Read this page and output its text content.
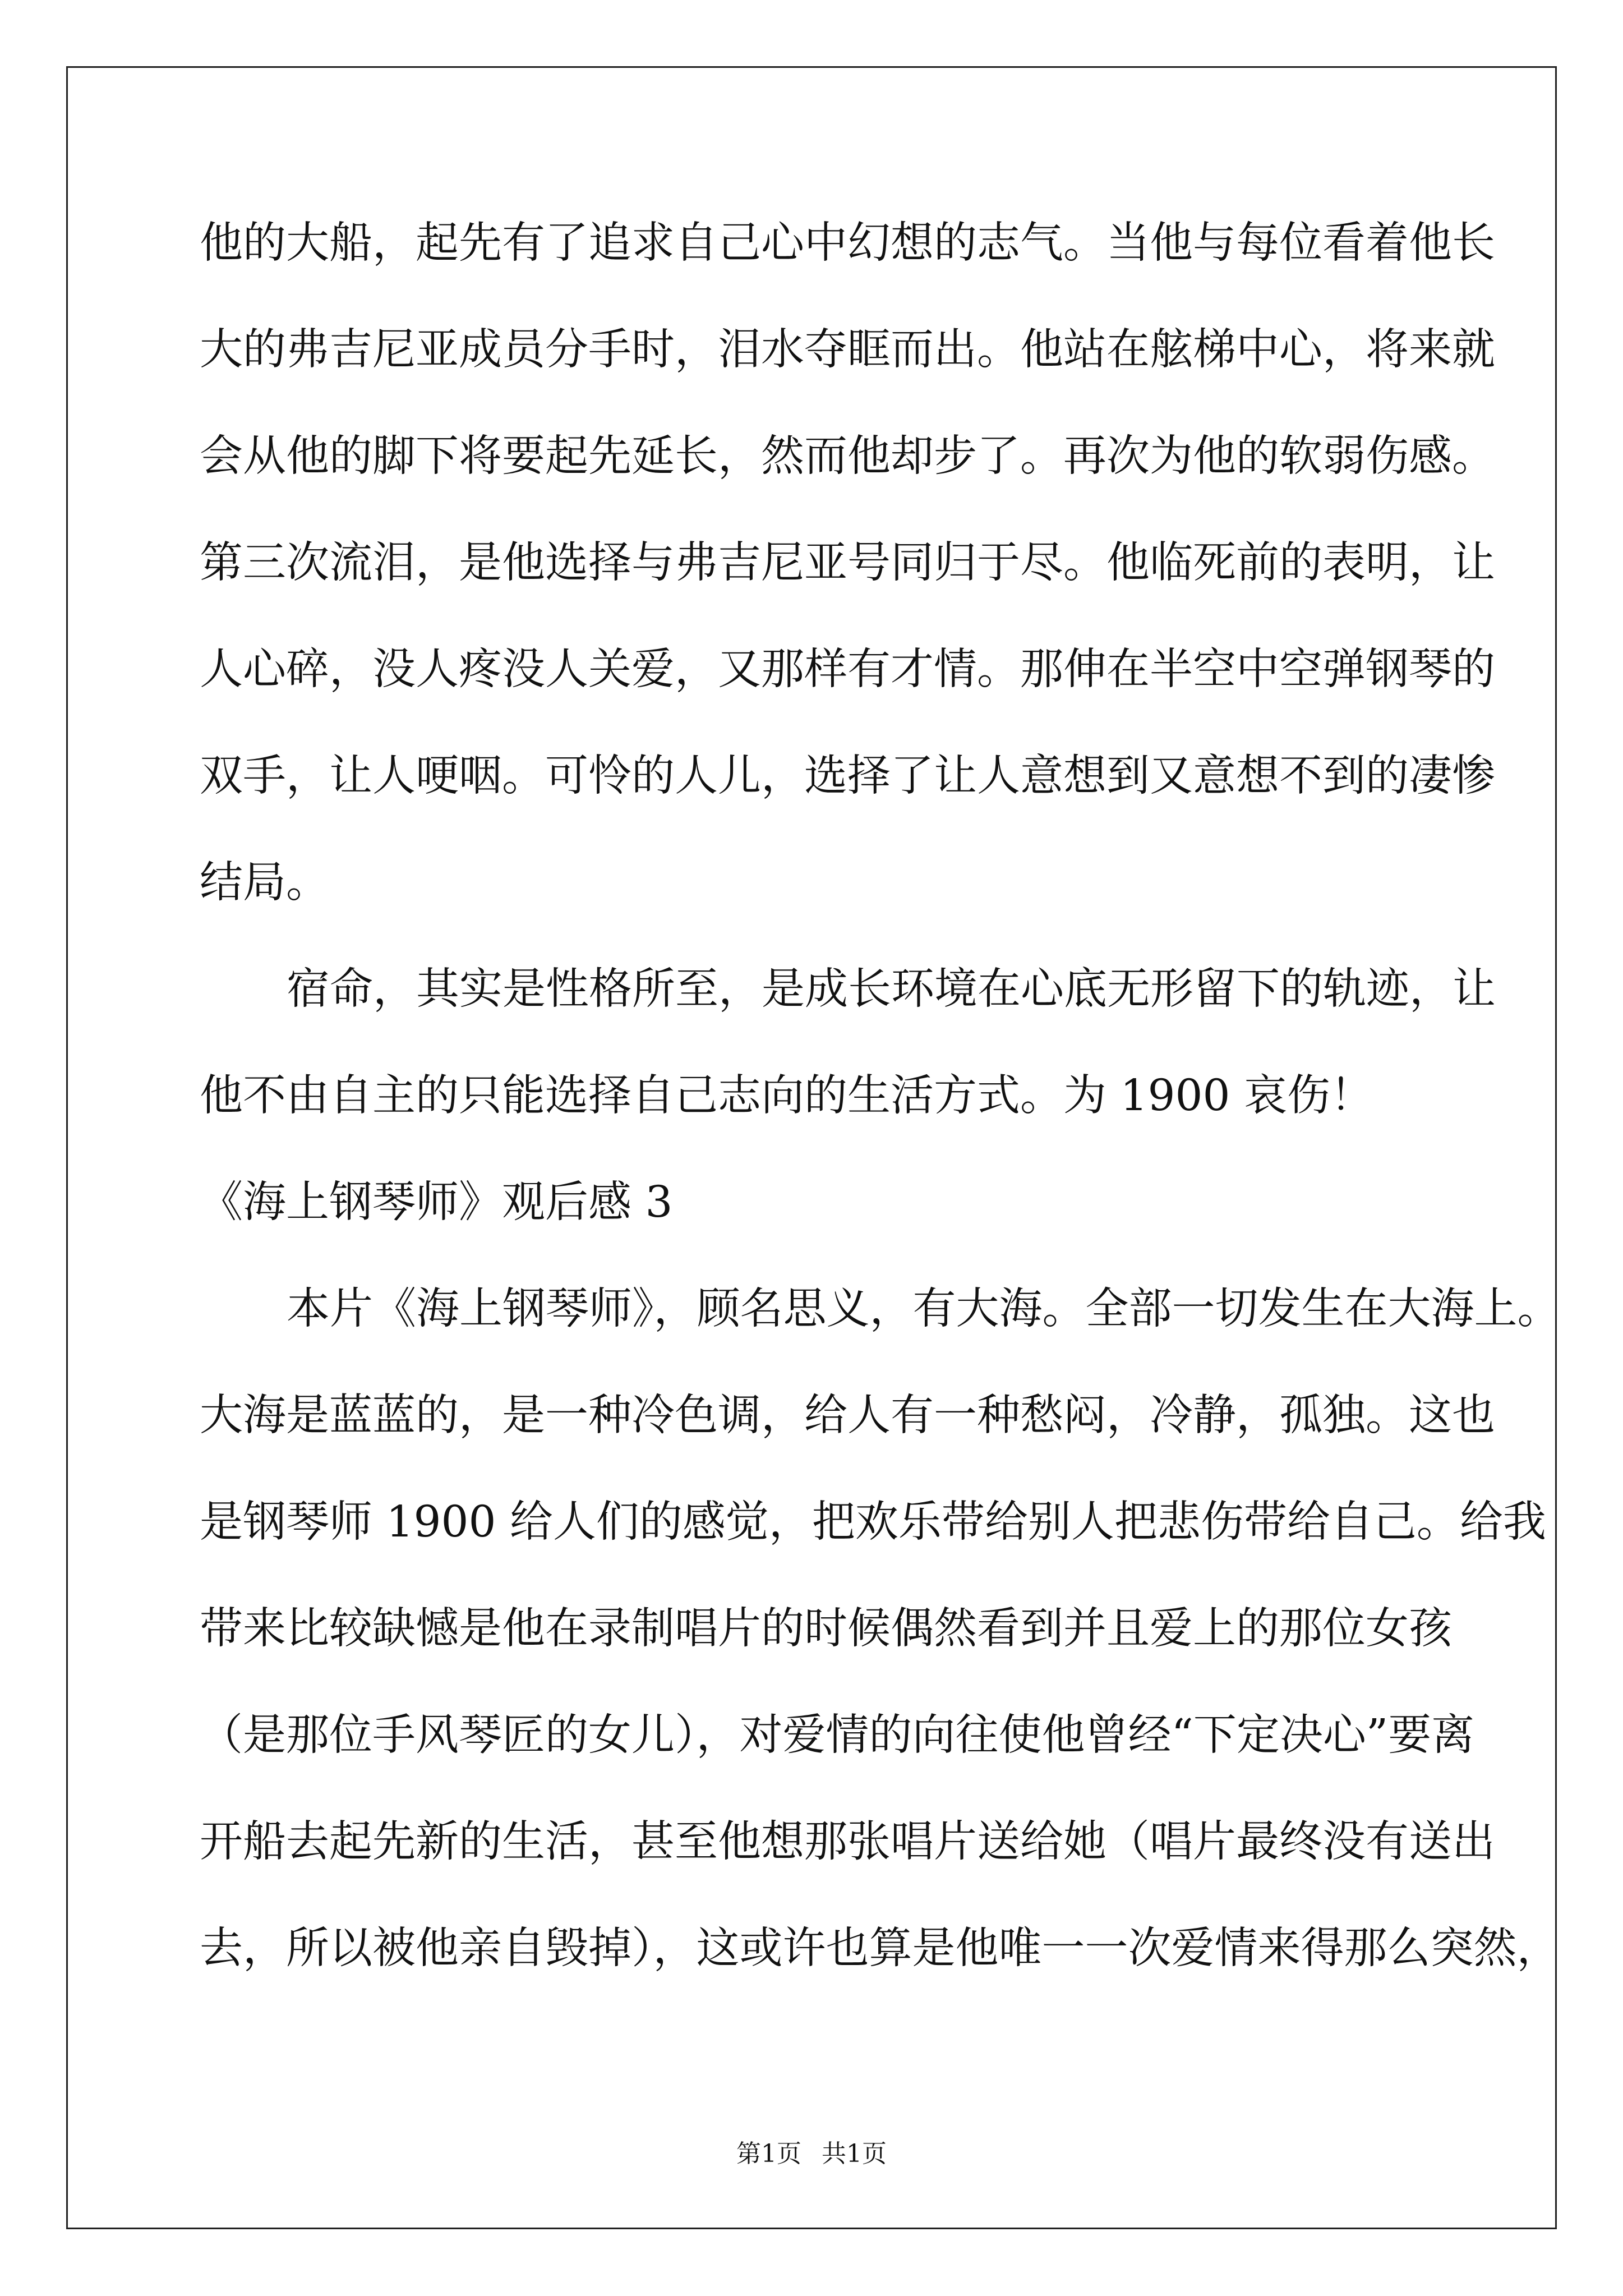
他的大船，起先有了追求自己心中幻想的志气。当他与每位看着他长
大的弗吉尼亚成员分手时，泪水夺眶而出。他站在舷梯中心，将来就
会从他的脚下将要起先延长，然而他却步了。再次为他的软弱伤感。
第三次流泪，是他选择与弗吉尼亚号同归于尽。他临死前的表明，让
人心碎，没人疼没人关爱，又那样有才情。那伸在半空中空弹钢琴的
双手，让人哽咽。可怜的人儿，选择了让人意想到又意想不到的凄惨
结局。
宿命，其实是性格所至，是成长环境在心底无形留下的轨迹，让
他不由自主的只能选择自己志向的生活方式。为 1900 哀伤！
《海上钢琴师》观后感 3
本片《海上钢琴师》，顾名思义，有大海。全部一切发生在大海上。
大海是蓝蓝的，是一种冷色调，给人有一种愁闷，冷静，孤独。这也
是钢琴师 1900 给人们的感觉，把欢乐带给别人把悲伤带给自己。给我
带来比较缺憾是他在录制唱片的时候偶然看到并且爱上的那位女孩
（是那位手风琴匠的女儿），对爱情的向往使他曾经“下定决心”要离
开船去起先新的生活，甚至他想那张唱片送给她（唱片最终没有送出
去，所以被他亲自毁掉），这或许也算是他唯一一次爱情来得那么突然，
第1页 共1页
